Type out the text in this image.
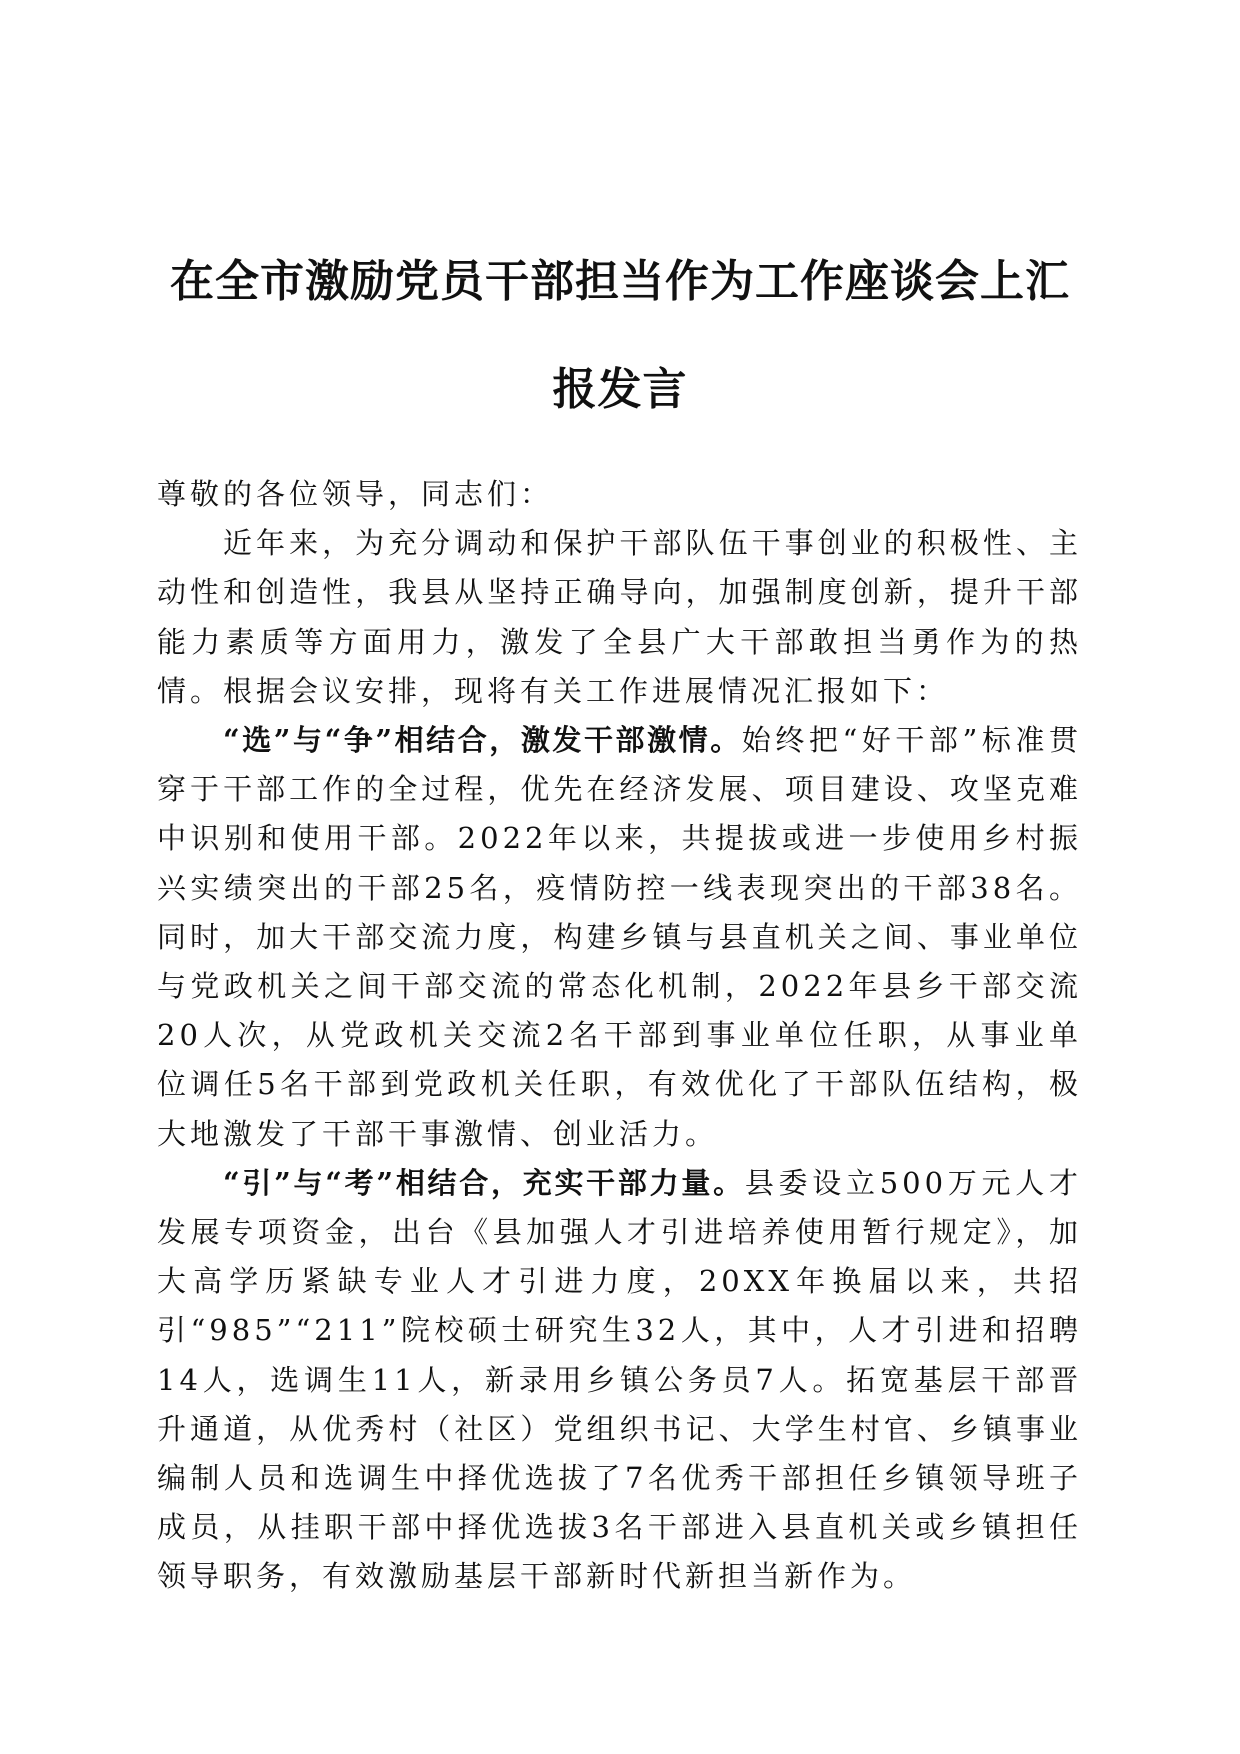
在全市激励党员干部担当作为工作座谈会上汇
报发言

尊敬的各位领导，同志们：

近年来，为充分调动和保护干部队伍干事创业的积极性、主动性和创造性，我县从坚持正确导向，加强制度创新，提升干部能力素质等方面用力，激发了全县广大干部敢担当勇作为的热情。根据会议安排，现将有关工作进展情况汇报如下：

“选”与“争”相结合，激发干部激情。始终把“好干部”标准贯穿于干部工作的全过程，优先在经济发展、项目建设、攻坚克难中识别和使用干部。2022年以来，共提拔或进一步使用乡村振兴实绩突出的干部25名，疫情防控一线表现突出的干部38名。同时，加大干部交流力度，构建乡镇与县直机关之间、事业单位与党政机关之间干部交流的常态化机制，2022年县乡干部交流20人次，从党政机关交流2名干部到事业单位任职，从事业单位调任5名干部到党政机关任职，有效优化了干部队伍结构，极大地激发了干部干事激情、创业活力。

“引”与“考”相结合，充实干部力量。县委设立500万元人才发展专项资金，出台《县加强人才引进培养使用暂行规定》，加大高学历紧缺专业人才引进力度，20XX年换届以来，共招引“985”“211”院校硕士研究生32人，其中，人才引进和招聘14人，选调生11人，新录用乡镇公务员7人。拓宽基层干部晋升通道，从优秀村（社区）党组织书记、大学生村官、乡镇事业编制人员和选调生中择优选拔了7名优秀干部担任乡镇领导班子成员，从挂职干部中择优选拔3名干部进入县直机关或乡镇担任领导职务，有效激励基层干部新时代新担当新作为。
